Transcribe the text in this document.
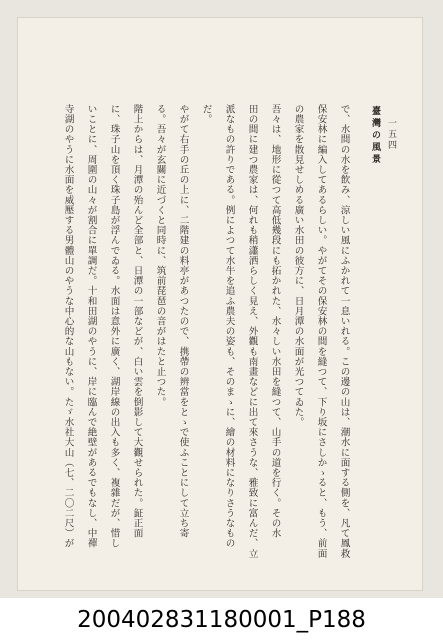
一五四
臺灣の風景
で、水間の水を飲み、涼しい風にふかれて一息いれる。この邊の山は、潮水に面する側を、凡て鳳救
保安林に編入してあるらしい。やがてその保安林の間を縫つて、下り坂にさしかゝると、もう、前面
の農家を散見せしめる廣い水田の彼方に、日月潭の水面が光つてゐた。
吾々は、地形に從つて高低幾段にも拓かれた、水々しい水田を縫つて、山手の道を行く。その水
田の間に建つ農家は、何れも稍瀟洒らしく見え、外觀も南畫などに出て來さうな、雅致に富んだ、立
派なもの許りである。例によつて水牛を追ふ農夫の姿も、そのまゝに、繪の材料になりさうなもの
だ。
やがて右手の丘の上に、二階建の料亭があつたので、携帶の辨當をとゝで使ふことにして立ち寄
る。吾々が玄關に近づくと同時に、筑前琵琶の音がはたと止つた。
階上からは、月潭の殆んど全部と、日潭の一部などが、白い雲を倒影して大觀せられた。鉦正面
に、珠子山を頂く珠子島が浮んでゐる。水面は意外に廣く、湖岸線の出入も多く、複雜だが、惜し
いことに、周圍の山々が割合に單調だ。十和田湖のやうに、岸に臨んで絶壁があるでもなし、中禪
寺湖のやうに水面を威壓する男體山のやうな中心的な山もない。たゞ水社大山（七、二〇二尺）が
200402831180001_P188
